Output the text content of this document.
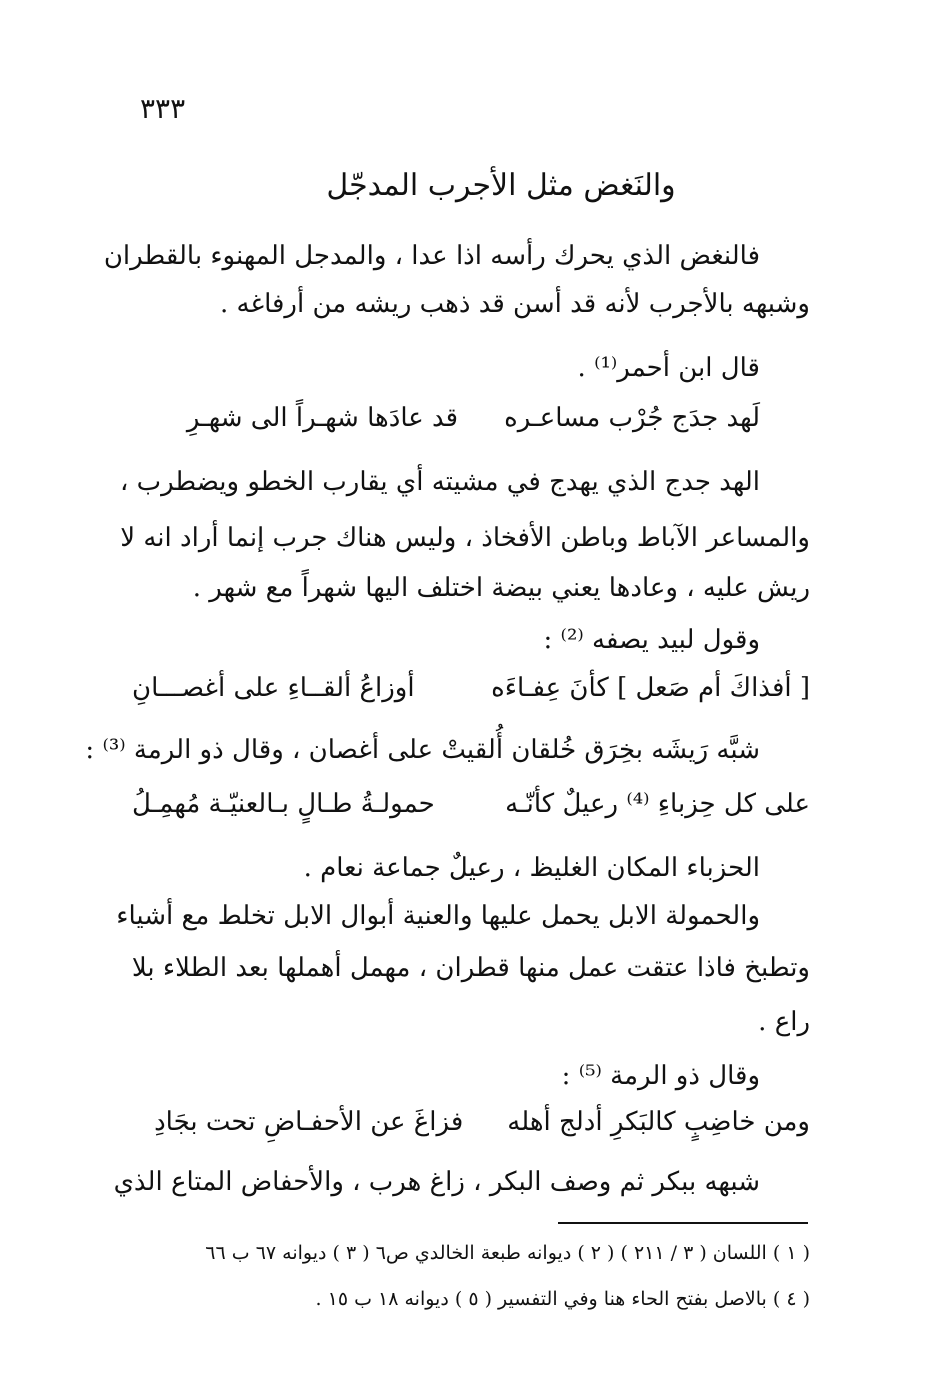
٣٣٣
والنَغض مثل الأجرب المدجّل
فالنغض الذي يحرك رأسه اذا عدا ، والمدجل المهنوء بالقطران
وشبهه بالأجرب لأنه قد أسن قد ذهب ريشه من أرفاغه .
قال ابن أحمر⁽¹⁾ .
لَهد جدَج جُرْب مساعـره
قد عادَها شهـراً الى شهـرِ
الهد جدج الذي يهدج في مشيته أي يقارب الخطو ويضطرب ،
والمساعر الآباط وباطن الأفخاذ ، وليس هناك جرب إنما أراد انه لا
ريش عليه ، وعادها يعني بيضة اختلف اليها شهراً مع شهر .
وقول لبيد يصفه ⁽²⁾ :
[ أفذاكَ أم صَعل ] كأنَ عِفـاءَه
أوزاعُ ألقــاءِ على أغصـــانِ
شبَّه رَيشَه بخِرَق خُلقان أُلقيتْ على أغصان ، وقال ذو الرمة ⁽³⁾ :
على كل حِزباءِ ⁽⁴⁾ رعيلٌ كأنّـه
حمولـةُ طـالٍ بـالعنيّـة مُهمِـلُ
الحزباء المكان الغليظ ، رعيلٌ جماعة نعام .
والحمولة الابل يحمل عليها والعنية أبوال الابل تخلط مع أشياء
وتطبخ فاذا عتقت عمل منها قطران ، مهمل أهملها بعد الطلاء بلا
راع .
وقال ذو الرمة ⁽⁵⁾ :
ومن خاضِبٍ كالبَكرِ أدلج أهله
فزاغَ عن الأحفـاضِ تحت بجَادِ
شبهه ببكر ثم وصف البكر ، زاغ هرب ، والأحفاض المتاع الذي
( ١ ) اللسان ( ٣ / ٢١١ ) ( ٢ ) ديوانه طبعة الخالدي ص٦ ( ٣ ) ديوانه ٦٧ ب ٦٦
( ٤ ) بالاصل بفتح الحاء هنا وفي التفسير ( ٥ ) ديوانه ١٨ ب ١٥ .
